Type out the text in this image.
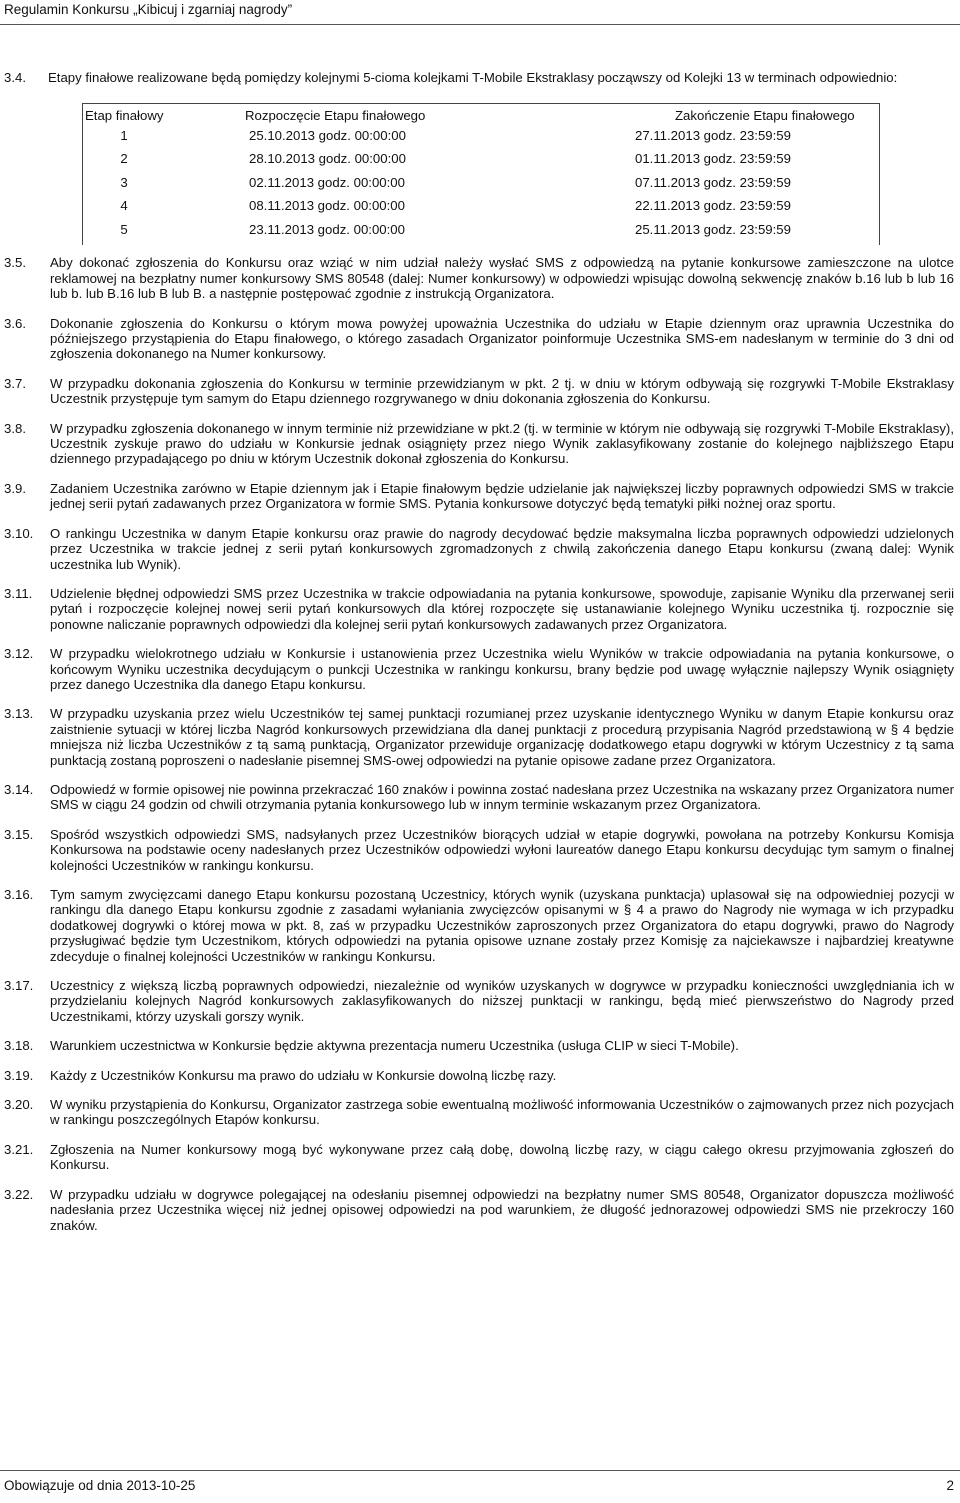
Regulamin Konkursu „Kibicuj i zgarniaj nagrody”
3.4.	Etapy finałowe realizowane będą pomiędzy kolejnymi 5-cioma kolejkami T-Mobile Ekstraklasy począwszy od Kolejki 13 w terminach odpowiednio:
Etap finałowy	Rozpoczęcie Etapu finałowego	Zakończenie Etapu finałowego
1	25.10.2013 godz. 00:00:00	27.11.2013 godz. 23:59:59
2	28.10.2013 godz. 00:00:00	01.11.2013 godz. 23:59:59
3	02.11.2013 godz. 00:00:00	07.11.2013 godz. 23:59:59
4	08.11.2013 godz. 00:00:00	22.11.2013 godz. 23:59:59
5	23.11.2013 godz. 00:00:00	25.11.2013 godz. 23:59:59
3.5.	Aby dokonać zgłoszenia do Konkursu oraz wziąć w nim udział należy wysłać SMS z odpowiedzą na pytanie konkursowe zamieszczone na ulotce reklamowej na bezpłatny numer konkursowy SMS 80548 (dalej: Numer konkursowy) w odpowiedzi wpisując dowolną sekwencję znaków b.16 lub b lub 16 lub b. lub B.16 lub B lub B. a następnie postępować zgodnie z instrukcją Organizatora.
3.6.	Dokonanie zgłoszenia do Konkursu o którym mowa powyżej upoważnia Uczestnika do udziału w Etapie dziennym oraz uprawnia Uczestnika do późniejszego przystąpienia do Etapu finałowego, o którego zasadach Organizator poinformuje Uczestnika SMS-em nadesłanym w terminie do 3 dni od zgłoszenia dokonanego na Numer konkursowy.
3.7.	W przypadku dokonania zgłoszenia do Konkursu w terminie przewidzianym w pkt. 2 tj. w dniu w którym odbywają się rozgrywki T-Mobile Ekstraklasy Uczestnik przystępuje tym samym do Etapu dziennego rozgrywanego w dniu dokonania zgłoszenia do Konkursu.
3.8.	W przypadku zgłoszenia dokonanego w innym terminie niż przewidziane w pkt.2 (tj. w terminie w którym nie odbywają się rozgrywki T-Mobile Ekstraklasy), Uczestnik zyskuje prawo do udziału w Konkursie jednak osiągnięty przez niego Wynik zaklasyfikowany zostanie do kolejnego najbliższego Etapu dziennego przypadającego po dniu w którym Uczestnik dokonał zgłoszenia do Konkursu.
3.9.	Zadaniem Uczestnika zarówno w Etapie dziennym jak i Etapie finałowym będzie udzielanie jak największej liczby poprawnych odpowiedzi SMS w trakcie jednej serii pytań zadawanych przez Organizatora w formie SMS. Pytania konkursowe dotyczyć będą tematyki piłki nożnej oraz sportu.
3.10.	O rankingu Uczestnika w danym Etapie konkursu oraz prawie do nagrody decydować będzie maksymalna liczba poprawnych odpowiedzi udzielonych przez Uczestnika w trakcie jednej z serii pytań konkursowych zgromadzonych z chwilą zakończenia danego Etapu konkursu (zwaną dalej: Wynik uczestnika lub Wynik).
3.11.	Udzielenie błędnej odpowiedzi SMS przez Uczestnika w trakcie odpowiadania na pytania konkursowe, spowoduje, zapisanie Wyniku dla przerwanej serii pytań i rozpoczęcie kolejnej nowej serii pytań konkursowych dla której rozpoczęte się ustanawianie kolejnego Wyniku uczestnika tj. rozpocznie się ponowne naliczanie poprawnych odpowiedzi dla kolejnej serii pytań konkursowych zadawanych przez Organizatora.
3.12.	W przypadku wielokrotnego udziału w Konkursie i ustanowienia przez Uczestnika wielu Wyników w trakcie odpowiadania na pytania konkursowe, o końcowym Wyniku uczestnika decydującym o punkcji Uczestnika w rankingu konkursu, brany będzie pod uwagę wyłącznie najlepszy Wynik osiągnięty przez danego Uczestnika dla danego Etapu konkursu.
3.13.	W przypadku uzyskania przez wielu Uczestników tej samej punktacji rozumianej przez uzyskanie identycznego Wyniku w danym Etapie konkursu oraz zaistnienie sytuacji w której liczba Nagród konkursowych przewidziana dla danej punktacji z procedurą przypisania Nagród przedstawioną w § 4 będzie mniejsza niż liczba Uczestników z tą samą punktacją, Organizator przewiduje organizację dodatkowego etapu dogrywki w którym Uczestnicy z tą sama punktacją zostaną poproszeni o nadesłanie pisemnej SMS-owej odpowiedzi na pytanie opisowe zadane przez Organizatora.
3.14.	Odpowiedź w formie opisowej nie powinna przekraczać 160 znaków i powinna zostać nadesłana przez Uczestnika na wskazany przez Organizatora numer SMS w ciągu 24 godzin od chwili otrzymania pytania konkursowego lub w innym terminie wskazanym przez Organizatora.
3.15.	Spośród wszystkich odpowiedzi SMS, nadsyłanych przez Uczestników biorących udział w etapie dogrywki, powołana na potrzeby Konkursu Komisja Konkursowa na podstawie oceny nadesłanych przez Uczestników odpowiedzi wyłoni laureatów danego Etapu konkursu decydując tym samym o finalnej kolejności Uczestników w rankingu konkursu.
3.16.	Tym samym zwycięzcami danego Etapu konkursu pozostaną Uczestnicy, których wynik (uzyskana punktacja) uplasował się na odpowiedniej pozycji w rankingu dla danego Etapu konkursu zgodnie z zasadami wyłaniania zwycięzców opisanymi w § 4 a prawo do Nagrody nie wymaga w ich przypadku dodatkowej dogrywki o której mowa w pkt. 8, zaś w przypadku Uczestników zaproszonych przez Organizatora do etapu dogrywki, prawo do Nagrody przysługiwać będzie tym Uczestnikom, których odpowiedzi na pytania opisowe uznane zostały przez Komisję za najciekawsze i najbardziej kreatywne zdecyduje o finalnej kolejności Uczestników w rankingu Konkursu.
3.17.	Uczestnicy z większą liczbą poprawnych odpowiedzi, niezależnie od wyników uzyskanych w dogrywce w przypadku konieczności uwzględniania ich w przydzielaniu kolejnych Nagród konkursowych zaklasyfikowanych do niższej punktacji w rankingu, będą mieć pierwszeństwo do Nagrody przed Uczestnikami, którzy uzyskali gorszy wynik.
3.18.	Warunkiem uczestnictwa w Konkursie będzie aktywna prezentacja numeru Uczestnika (usługa CLIP w sieci T-Mobile).
3.19.	Każdy z Uczestników Konkursu ma prawo do udziału w Konkursie dowolną liczbę razy.
3.20.	W wyniku przystąpienia do Konkursu, Organizator zastrzega sobie ewentualną możliwość informowania Uczestników o zajmowanych przez nich pozycjach w rankingu poszczególnych Etapów konkursu.
3.21.	Zgłoszenia na Numer konkursowy mogą być wykonywane przez całą dobę, dowolną liczbę razy, w ciągu całego okresu przyjmowania zgłoszeń do Konkursu.
3.22.	W przypadku udziału w dogrywce polegającej na odesłaniu pisemnej odpowiedzi na bezpłatny numer SMS 80548, Organizator dopuszcza możliwość nadesłania przez Uczestnika więcej niż jednej opisowej odpowiedzi na pod warunkiem, że długość jednorazowej odpowiedzi SMS nie przekroczy 160 znaków.
Obowiązuje od dnia 2013-10-25	2
